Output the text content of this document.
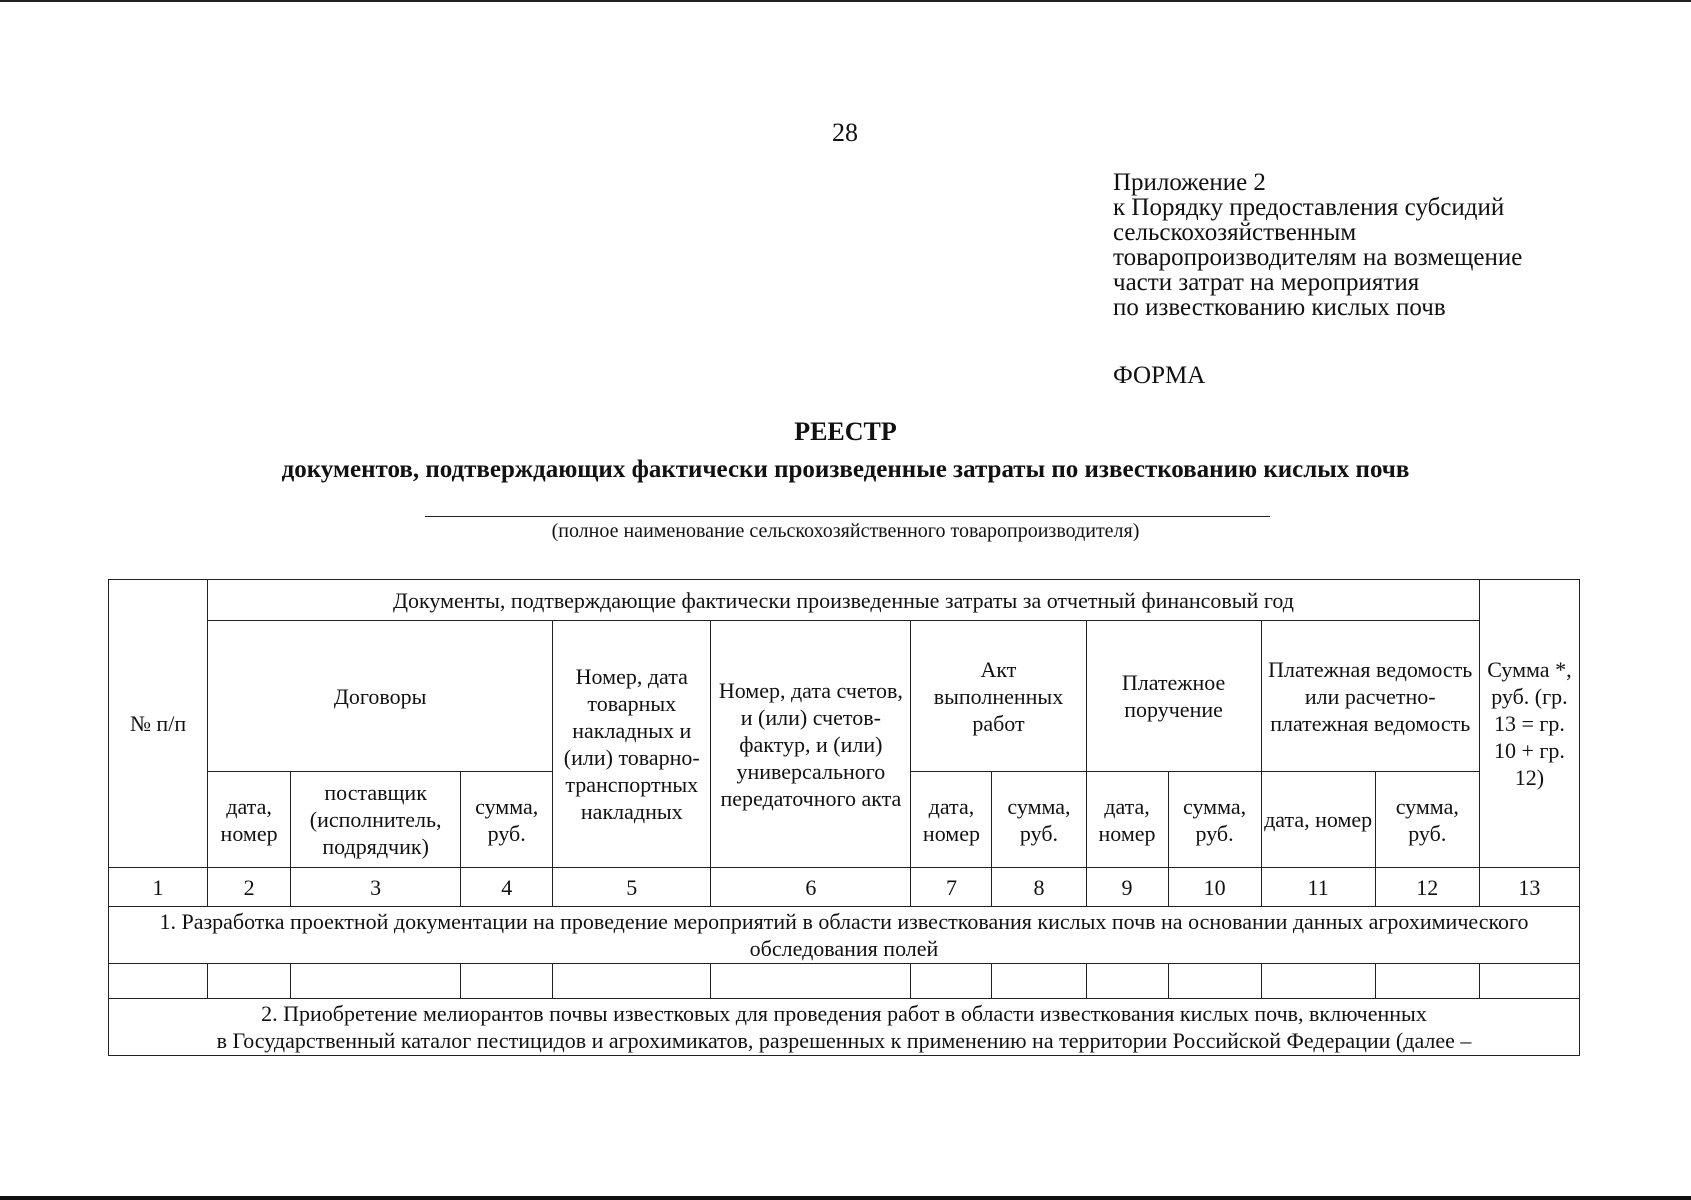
28
Приложение 2
к Порядку предоставления субсидий
сельскохозяйственным
товаропроизводителям на возмещение
части затрат на мероприятия
по известкованию кислых почв
ФОРМА
РЕЕСТР
документов, подтверждающих фактически произведенные затраты по известкованию кислых почв
(полное наименование сельскохозяйственного товаропроизводителя)
№ п/п	Документы, подтверждающие фактически произведенные затраты за отчетный финансовый год											Сумма *, руб. (гр. 13 = гр. 10 + гр. 12)
	Договоры			Номер, дата товарных накладных и (или) товарно-транспортных накладных	Номер, дата счетов, и (или) счетов-фактур, и (или) универсального передаточного акта	Акт выполненных работ		Платежное поручение		Платежная ведомость или расчетно-платежная ведомость		
	дата, номер	поставщик (исполнитель, подрядчик)	сумма, руб.			дата, номер	сумма, руб.	дата, номер	сумма, руб.	дата, номер	сумма, руб.	
1	2	3	4	5	6	7	8	9	10	11	12	13
1. Разработка проектной документации на проведение мероприятий в области известкования кислых почв на основании данных агрохимического обследования полей												

2. Приобретение мелиорантов почвы известковых для проведения работ в области известкования кислых почв, включенных
в Государственный каталог пестицидов и агрохимикатов, разрешенных к применению на территории Российской Федерации (далее –												
